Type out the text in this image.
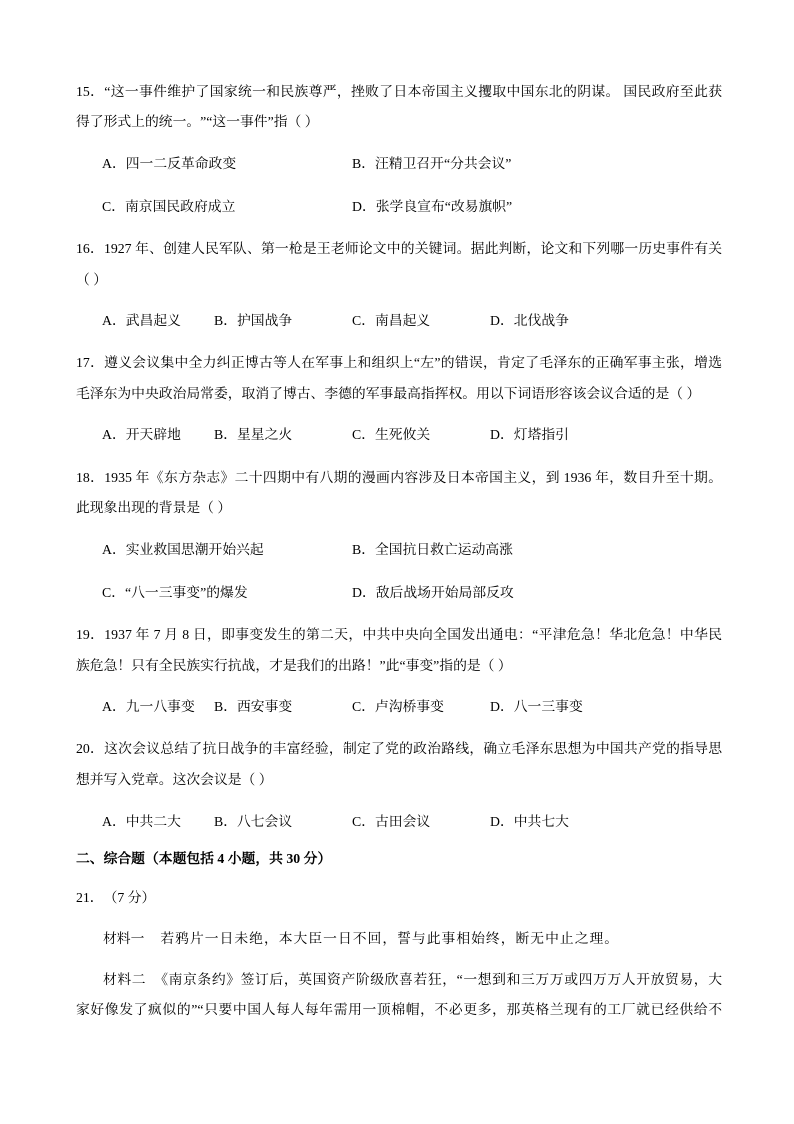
15．“这一事件维护了国家统一和民族尊严，挫败了日本帝国主义攫取中国东北的阴谋。 国民政府至此获
得了形式上的统一。”“这一事件”指（ ）
A．四一二反革命政变	B．汪精卫召开“分共会议”
C．南京国民政府成立	D．张学良宣布“改易旗帜”
16．1927 年、创建人民军队、第一枪是王老师论文中的关键词。据此判断，论文和下列哪一历史事件有关
（ ）
A．武昌起义 B．护国战争	C．南昌起义	D．北伐战争
17．遵义会议集中全力纠正博古等人在军事上和组织上“左”的错误，肯定了毛泽东的正确军事主张，增选
毛泽东为中央政治局常委，取消了博古、李德的军事最高指挥权。用以下词语形容该会议合适的是（ ）
A．开天辟地 B．星星之火	C．生死攸关	D．灯塔指引
18．1935 年《东方杂志》二十四期中有八期的漫画内容涉及日本帝国主义，到 1936 年，数目升至十期。
此现象出现的背景是（ ）
A．实业救国思潮开始兴起	B．全国抗日救亡运动高涨
C．“八一三事变”的爆发	D．敌后战场开始局部反攻
19．1937 年 7 月 8 日，即事变发生的第二天，中共中央向全国发出通电：“平津危急！华北危急！中华民
族危急！只有全民族实行抗战，才是我们的出路！”此“事变”指的是（ ）
A．九一八事变 B．西安事变	C．卢沟桥事变	D．八一三事变
20．这次会议总结了抗日战争的丰富经验，制定了党的政治路线，确立毛泽东思想为中国共产党的指导思
想并写入党章。这次会议是（ ）
A．中共二大 B．八七会议	C．古田会议	D．中共七大
二、综合题（本题包括 4 小题，共 30 分）
21．（7 分）
材料一 若鸦片一日未绝，本大臣一日不回，誓与此事相始终，断无中止之理。
材料二 《南京条约》签订后，英国资产阶级欣喜若狂，“一想到和三万万或四万万人开放贸易，大
家好像发了疯似的”“只要中国人每人每年需用一顶棉帽，不必更多，那英格兰现有的工厂就已经供给不
